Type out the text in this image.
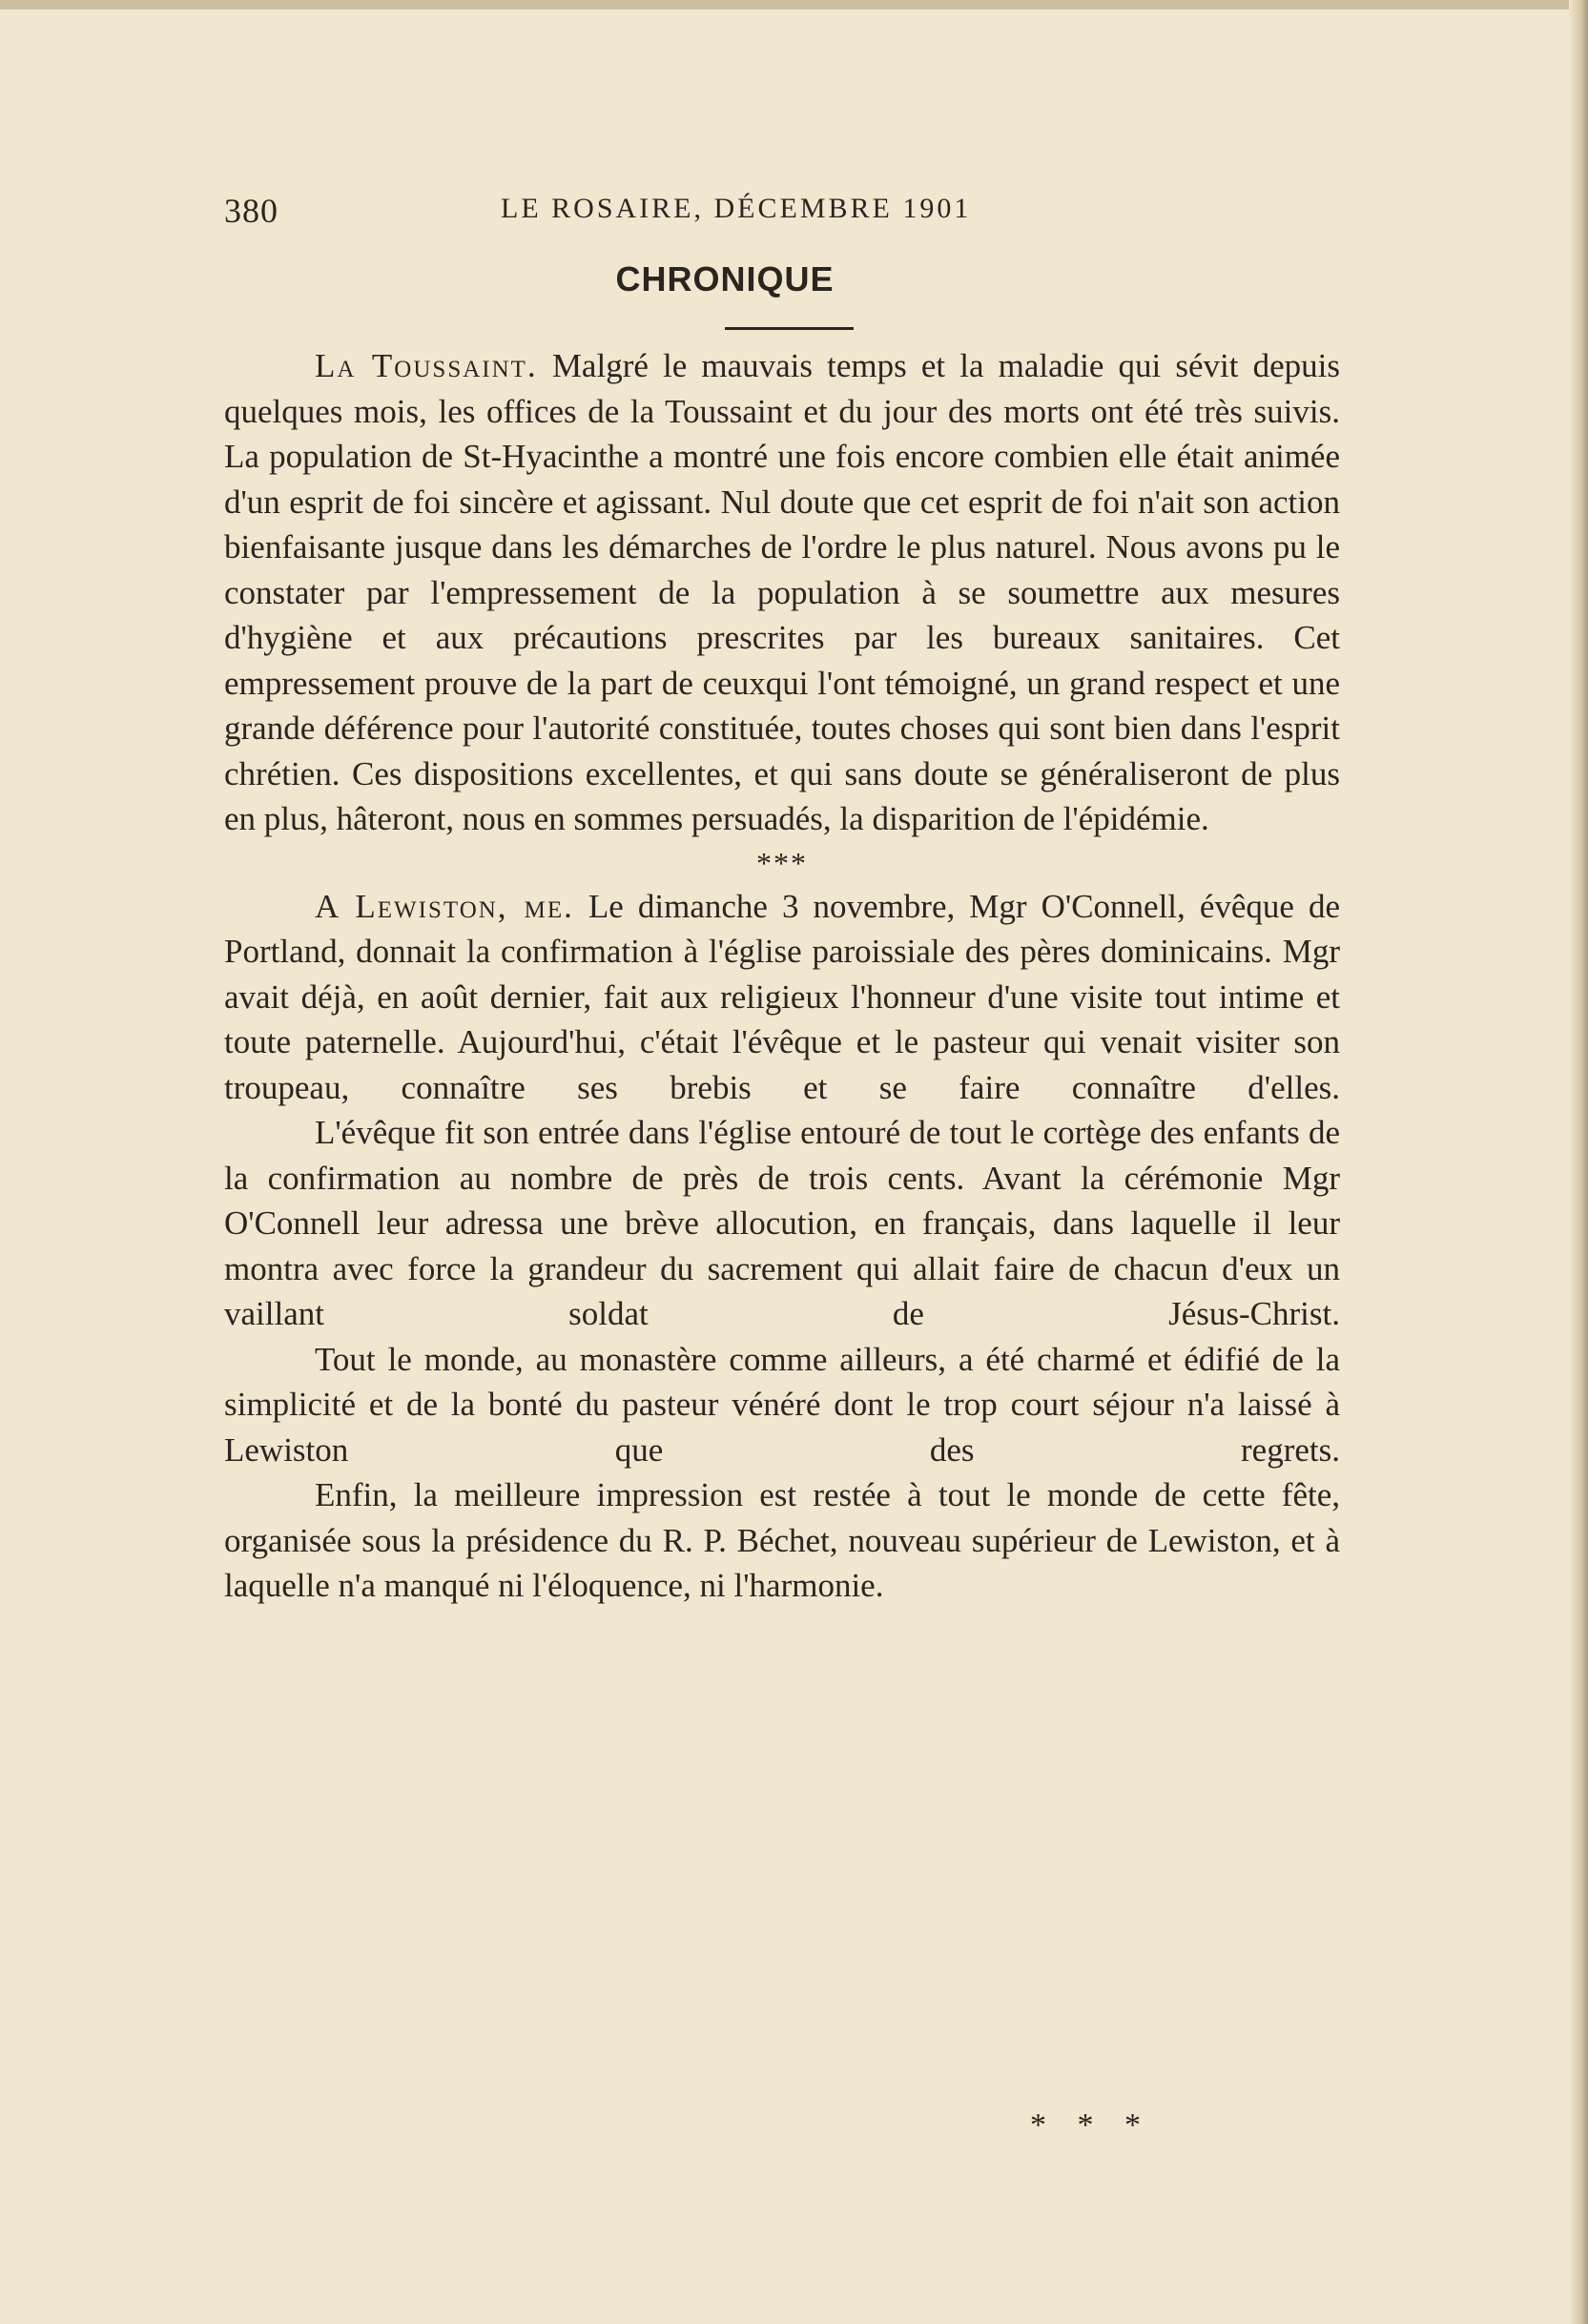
380	LE ROSAIRE, DÉCEMBRE 1901
CHRONIQUE

La Toussaint. Malgré le mauvais temps et la maladie qui sévit depuis quelques mois, les offices de la Toussaint et du jour des morts ont été très suivis. La population de St-Hyacinthe a montré une fois encore combien elle était animée d'un esprit de foi sincère et agissant. Nul doute que cet esprit de foi n'ait son action bienfaisante jusque dans les démarches de l'ordre le plus naturel. Nous avons pu le constater par l'empressement de la population à se soumettre aux mesures d'hygiène et aux précautions prescrites par les bureaux sanitaires. Cet empressement prouve de la part de ceuxqui l'ont témoigné, un grand respect et une grande déférence pour l'autorité constituée, toutes choses qui sont bien dans l'esprit chrétien. Ces dispositions excellentes, et qui sans doute se généraliseront de plus en plus, hâteront, nous en sommes persuadés, la disparition de l'épidémie.

***

A Lewiston, me. Le dimanche 3 novembre, Mgr O'Connell, évêque de Portland, donnait la confirmation à l'église paroissiale des pères dominicains. Mgr avait déjà, en août dernier, fait aux religieux l'honneur d'une visite tout intime et toute paternelle. Aujourd'hui, c'était l'évêque et le pasteur qui venait visiter son troupeau, connaître ses brebis et se faire connaître d'elles.

L'évêque fit son entrée dans l'église entouré de tout le cortège des enfants de la confirmation au nombre de près de trois cents. Avant la cérémonie Mgr O'Connell leur adressa une brève allocution, en français, dans laquelle il leur montra avec force la grandeur du sacrement qui allait faire de chacun d'eux un vaillant soldat de Jésus-Christ.

Tout le monde, au monastère comme ailleurs, a été charmé et édifié de la simplicité et de la bonté du pasteur vénéré dont le trop court séjour n'a laissé à Lewiston que des regrets.

Enfin, la meilleure impression est restée à tout le monde de cette fête, organisée sous la présidence du R. P. Béchet, nouveau supérieur de Lewiston, et à laquelle n'a manqué ni l'éloquence, ni l'harmonie.

* * *
